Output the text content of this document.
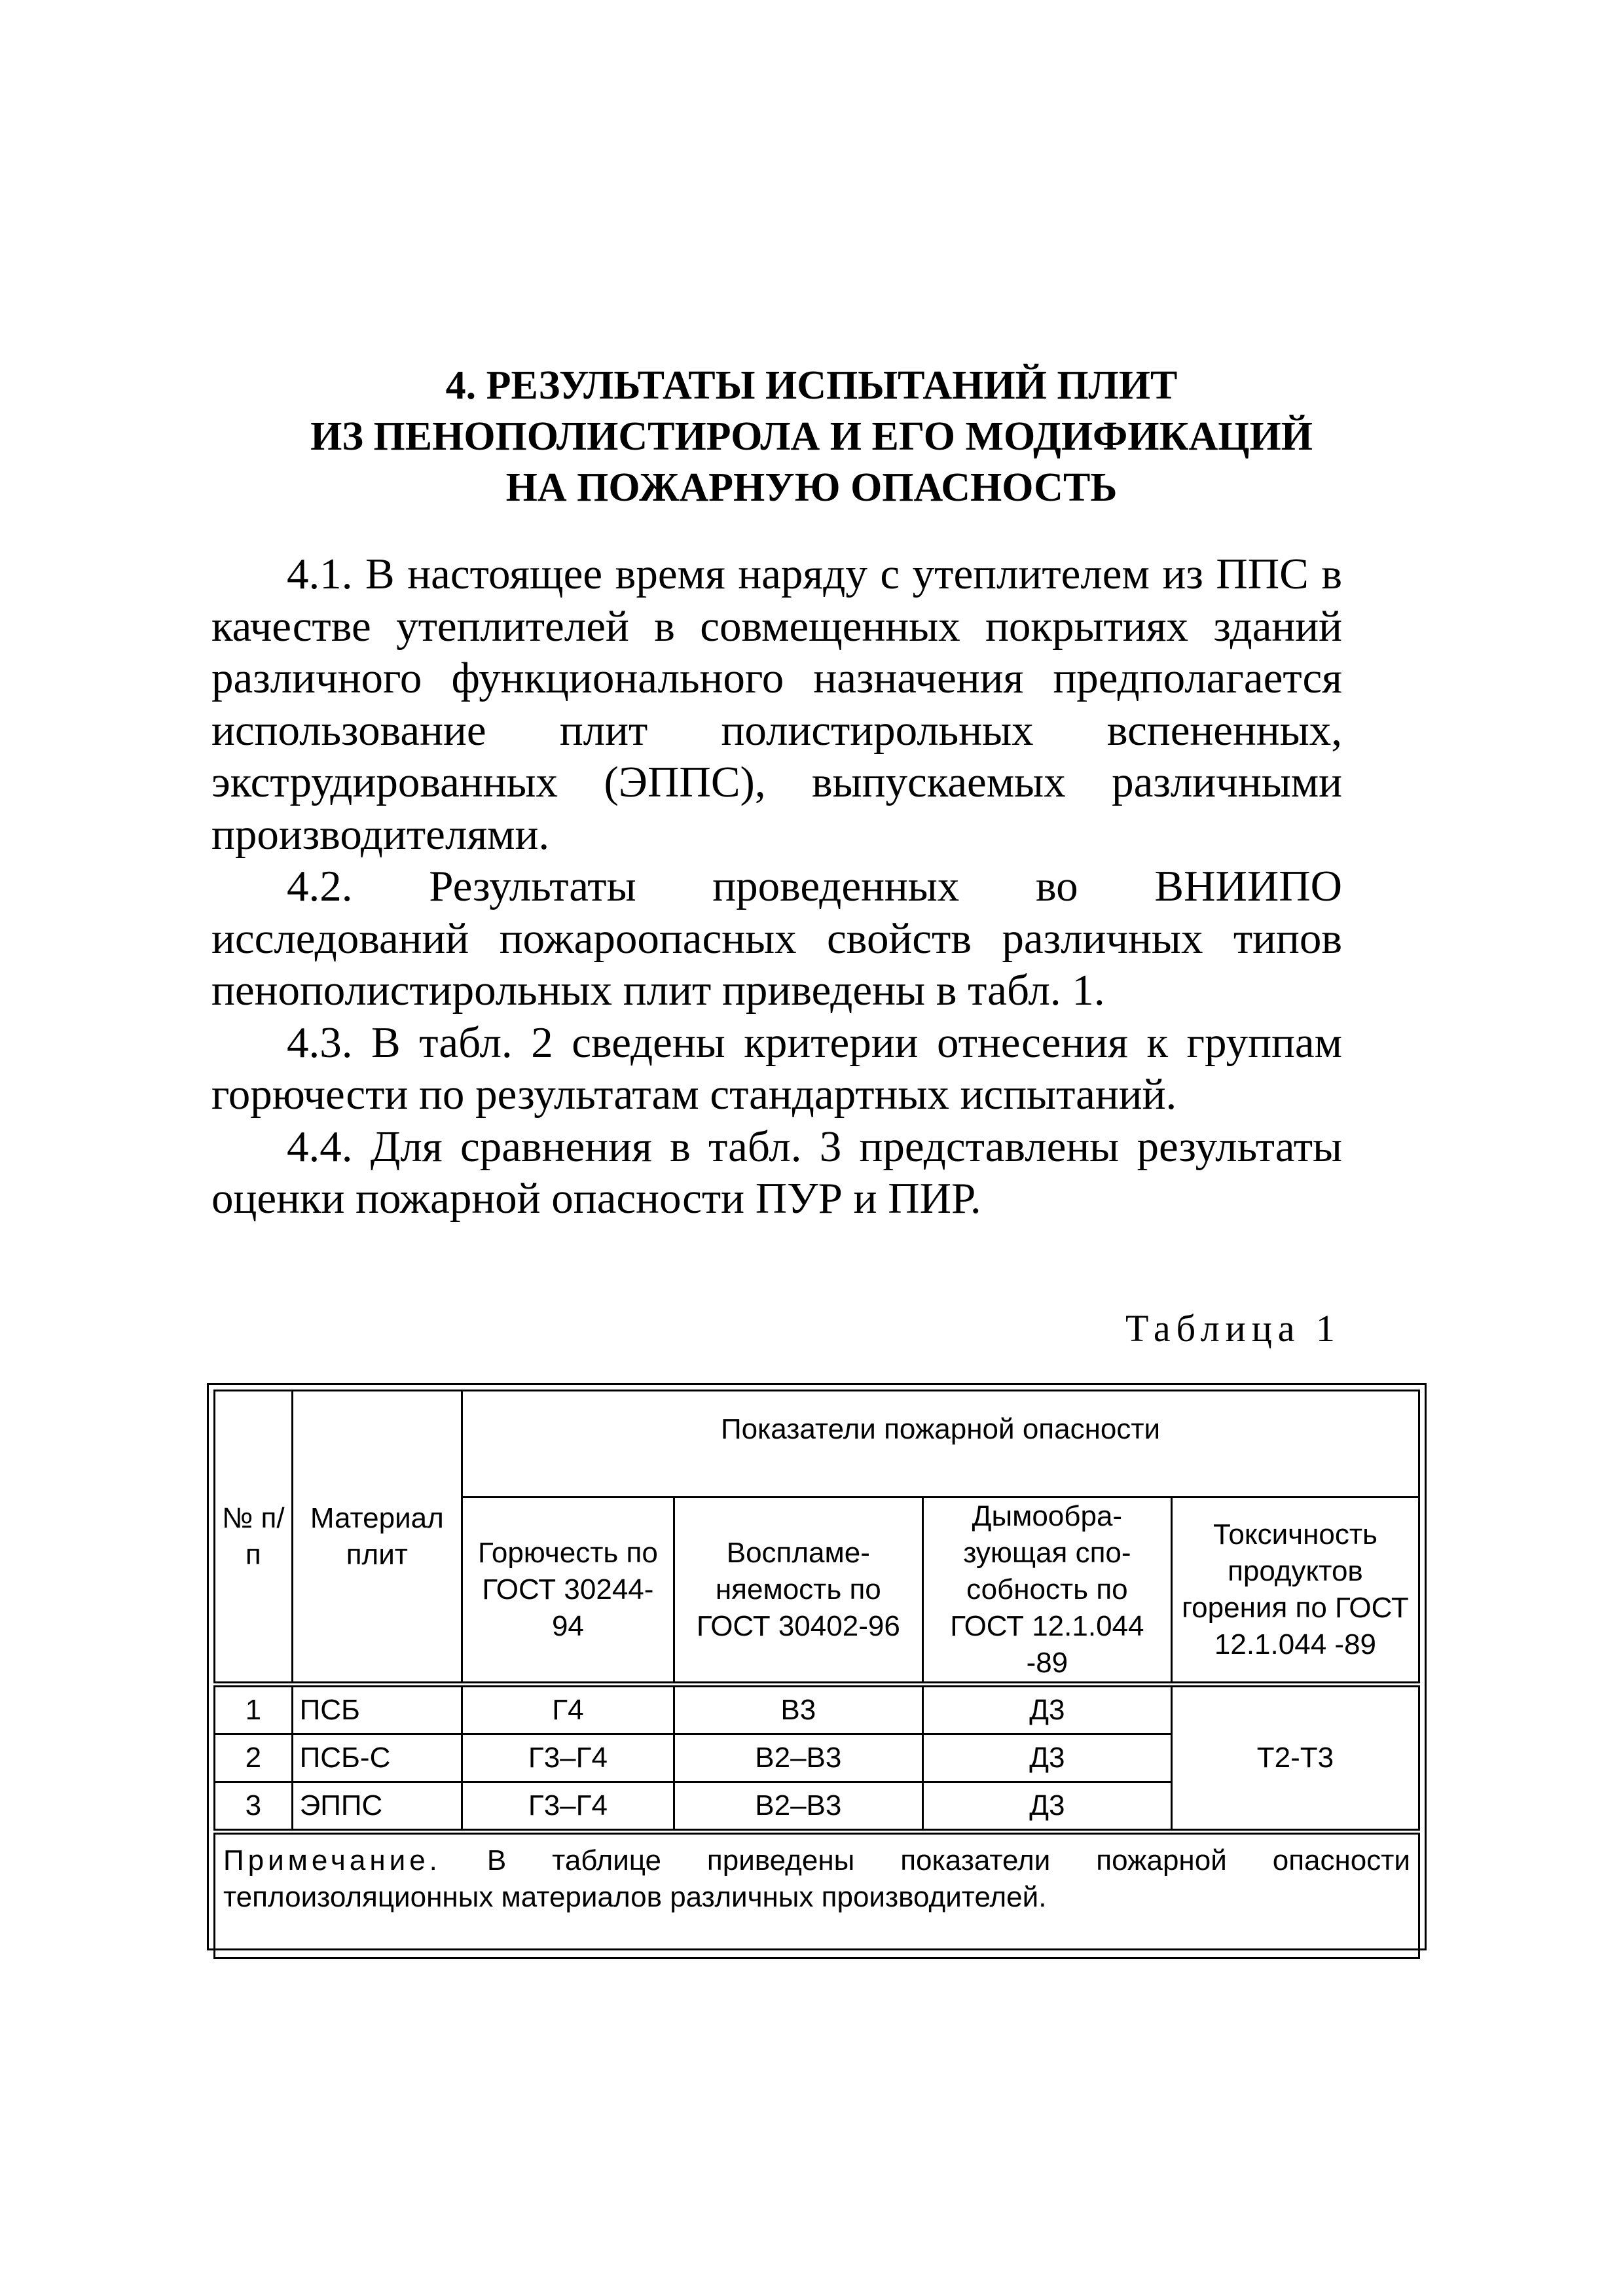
4. РЕЗУЛЬТАТЫ ИСПЫТАНИЙ ПЛИТ
ИЗ ПЕНОПОЛИСТИРОЛА И ЕГО МОДИФИКАЦИЙ
НА ПОЖАРНУЮ ОПАСНОСТЬ

4.1. В настоящее время наряду с утеплителем из ППС в качестве утеплителей в совмещенных покрытиях зданий различного функционального назначения предполагается использование плит полистирольных вспененных, экструдированных (ЭППС), выпускаемых различными производителями.

4.2. Результаты проведенных во ВНИИПО исследований пожароопасных свойств различных типов пенополистирольных плит приведены в табл. 1.

4.3. В табл. 2 сведены критерии отнесения к группам горючести по результатам стандартных испытаний.

4.4. Для сравнения в табл. 3 представлены результаты оценки пожарной опасности ПУР и ПИР.

Таблица 1
№ п/п	Материал плит	Показатели пожарной опасности			
		Горючесть по ГОСТ 30244-94	Воспламе-няемость по ГОСТ 30402-96	Дымообра-зующая спо-собность по ГОСТ 12.1.044 -89	Токсичность продуктов горения по ГОСТ 12.1.044 -89
1	ПСБ	Г4	В3	Д3	Т2-Т3
2	ПСБ-С	Г3–Г4	В2–В3	Д3	
3	ЭППС	Г3–Г4	В2–В3	Д3	
Примечание. В таблице приведены показатели пожарной опасности теплоизоляционных материалов различных производителей.					
